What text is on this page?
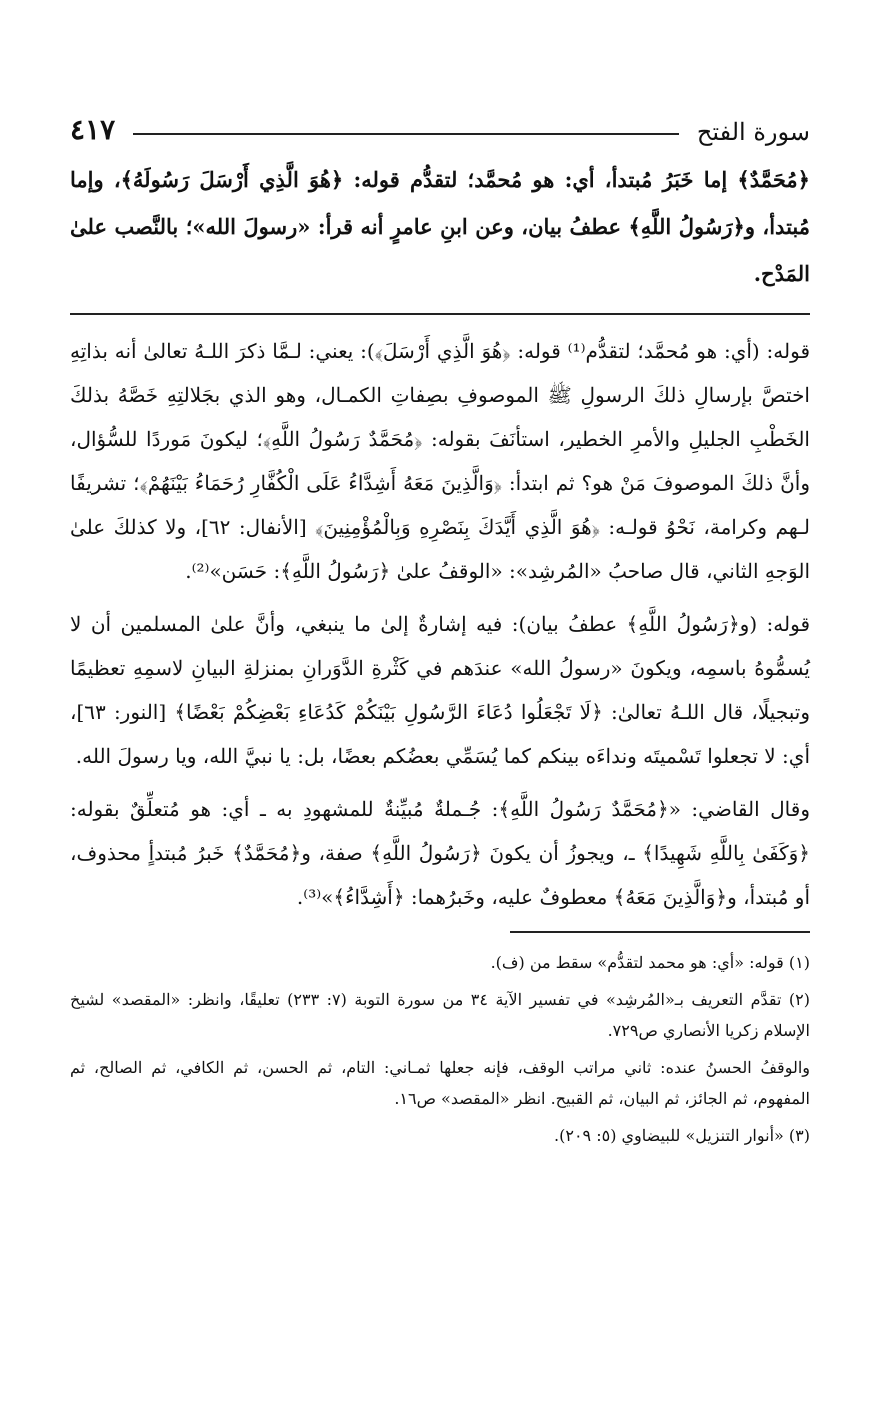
سورة الفتح
٤١٧

﴿مُحَمَّدٌ﴾ إما خَبَرُ مُبتدأ، أي: هو مُحمَّد؛ لتقدُّم قوله: ﴿هُوَ الَّذِي أَرْسَلَ رَسُولَهُ﴾، وإما مُبتدأ، و﴿رَسُولُ اللَّهِ﴾ عطفُ بيان، وعن ابنِ عامرٍ أنه قرأ: «رسولَ الله»؛ بالنَّصب علىٰ المَدْح.

قوله: (أي: هو مُحمَّد؛ لتقدُّم⁽¹⁾ قوله: ﴿هُوَ الَّذِي أَرْسَلَ﴾): يعني: لـمَّا ذكرَ اللـهُ تعالىٰ أنه بذاتِهِ اختصَّ بإرسالِ ذلكَ الرسولِ ﷺ الموصوفِ بصِفاتِ الكمـال، وهو الذي بجَلالتِهِ خَصَّهُ بذلكَ الخَطْبِ الجليلِ والأمرِ الخطير، استأنَفَ بقوله: ﴿مُحَمَّدٌ رَسُولُ اللَّهِ﴾؛ ليكونَ مَوردًا للسُّؤال، وأنَّ ذلكَ الموصوفَ مَنْ هو؟ ثم ابتدأ: ﴿وَالَّذِينَ مَعَهُ أَشِدَّاءُ عَلَى الْكُفَّارِ رُحَمَاءُ بَيْنَهُمْ﴾؛ تشريفًا لـهم وكرامة، نَحْوُ قولـه: ﴿هُوَ الَّذِي أَيَّدَكَ بِنَصْرِهِ وَبِالْمُؤْمِنِينَ﴾ [الأنفال: ٦٢]، ولا كذلكَ علىٰ الوَجهِ الثاني، قال صاحبُ «المُرشِد»: «الوقفُ علىٰ ﴿رَسُولُ اللَّهِ﴾: حَسَن»⁽²⁾.

قوله: (و﴿رَسُولُ اللَّهِ﴾ عطفُ بيان): فيه إشارةٌ إلىٰ ما ينبغي، وأنَّ علىٰ المسلمين أن لا يُسمُّوهُ باسمِه، ويكونَ «رسولُ الله» عندَهم في كَثْرةِ الدَّوَرانِ بمنزلةِ البيانِ لاسمِهِ تعظيمًا وتبجيلًا، قال اللـهُ تعالىٰ: ﴿لَا تَجْعَلُوا دُعَاءَ الرَّسُولِ بَيْنَكُمْ كَدُعَاءِ بَعْضِكُمْ بَعْضًا﴾ [النور: ٦٣]، أي: لا تجعلوا تَسْميتَه ونداءَه بينكم كما يُسَمِّي بعضُكم بعضًا، بل: يا نبيَّ الله، ويا رسولَ الله.

وقال القاضي: «﴿مُحَمَّدٌ رَسُولُ اللَّهِ﴾: جُـملةٌ مُبيِّنةٌ للمشهودِ به ـ أي: هو مُتعلِّقٌ بقوله: ﴿وَكَفَىٰ بِاللَّهِ شَهِيدًا﴾ ـ، ويجوزُ أن يكونَ ﴿رَسُولُ اللَّهِ﴾ صفة، و﴿مُحَمَّدٌ﴾ خَبرُ مُبتدأٍ محذوف، أو مُبتدأ، و﴿وَالَّذِينَ مَعَهُ﴾ معطوفٌ عليه، وخَبرُهما: ﴿أَشِدَّاءُ﴾»⁽³⁾.

(١) قوله: «أي: هو محمد لتقدُّم» سقط من (ف).

(٢) تقدَّم التعريف بـ«المُرشِد» في تفسير الآية ٣٤ من سورة التوبة (٧: ٢٣٣) تعليقًا، وانظر: «المقصد» لشيخ الإسلام زكريا الأنصاري ص٧٢٩.

والوقفُ الحسنُ عنده: ثاني مراتب الوقف، فإنه جعلها ثمـاني: التام، ثم الحسن، ثم الكافي، ثم الصالح، ثم المفهوم، ثم الجائز، ثم البيان، ثم القبيح. انظر «المقصد» ص١٦.

(٣) «أنوار التنزيل» للبيضاوي (٥: ٢٠٩).
